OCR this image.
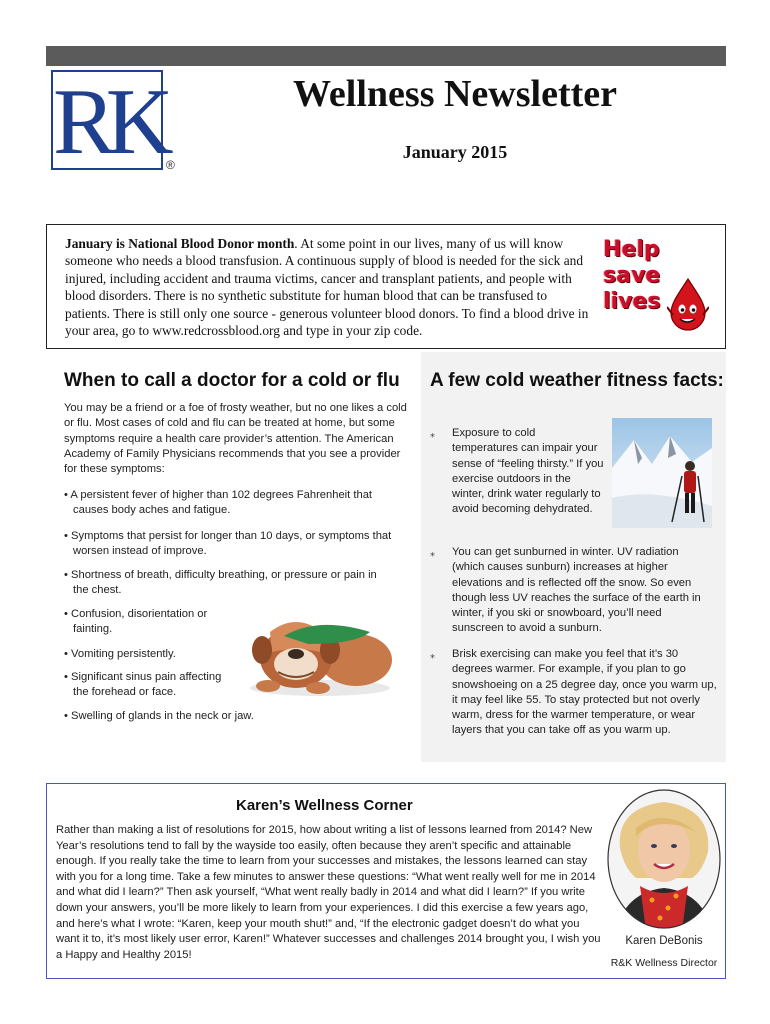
RK ®
Wellness Newsletter
January 2015
January is National Blood Donor month. At some point in our lives, many of us will know someone who needs a blood transfusion. A continuous supply of blood is needed for the sick and injured, including accident and trauma victims, cancer and transplant patients, and people with blood disorders. There is no synthetic substitute for human blood that can be transfused to patients. There is still only one source - generous volunteer blood donors. To find a blood drive in your area, go to www.redcrossblood.org and type in your zip code.
Help
save
lives
When to call a doctor for a cold or flu
You may be a friend or a foe of frosty weather, but no one likes a cold or flu. Most cases of cold and flu can be treated at home, but some symptoms require a health care provider’s attention. The American Academy of Family Physicians recommends that you see a provider for these symptoms:
• A persistent fever of higher than 102 degrees Fahrenheit that
causes body aches and fatigue.
• Symptoms that persist for longer than 10 days, or symptoms that
worsen instead of improve.
• Shortness of breath, difficulty breathing, or pressure or pain in
the chest.
• Confusion, disorientation or
fainting.
• Vomiting persistently.
• Significant sinus pain affecting
the forehead or face.
• Swelling of glands in the neck or jaw.
A few cold weather fitness facts:
⁎ Exposure to cold temperatures can impair your sense of “feeling thirsty.” If you exercise outdoors in the winter, drink water regularly to avoid becoming dehydrated.
⁎ You can get sunburned in winter. UV radiation (which causes sunburn) increases at higher elevations and is reflected off the snow. So even though less UV reaches the surface of the earth in winter, if you ski or snowboard, you’ll need sunscreen to avoid a sunburn.
⁎ Brisk exercising can make you feel that it’s 30 degrees warmer. For example, if you plan to go snowshoeing on a 25 degree day, once you warm up, it may feel like 55. To stay protected but not overly warm, dress for the warmer temperature, or wear layers that you can take off as you warm up.
Karen’s Wellness Corner
Rather than making a list of resolutions for 2015, how about writing a list of lessons learned from 2014? New Year’s resolutions tend to fall by the wayside too easily, often because they aren’t specific and attainable enough. If you really take the time to learn from your successes and mistakes, the lessons learned can stay with you for a long time. Take a few minutes to answer these questions: “What went really well for me in 2014 and what did I learn?” Then ask yourself, “What went really badly in 2014 and what did I learn?” If you write down your answers, you’ll be more likely to learn from your experiences. I did this exercise a few years ago, and here’s what I wrote: “Karen, keep your mouth shut!” and, “If the electronic gadget doesn’t do what you want it to, it’s most likely user error, Karen!” Whatever successes and challenges 2014 brought you, I wish you a Happy and Healthy 2015!
Karen DeBonis
R&K Wellness Director
